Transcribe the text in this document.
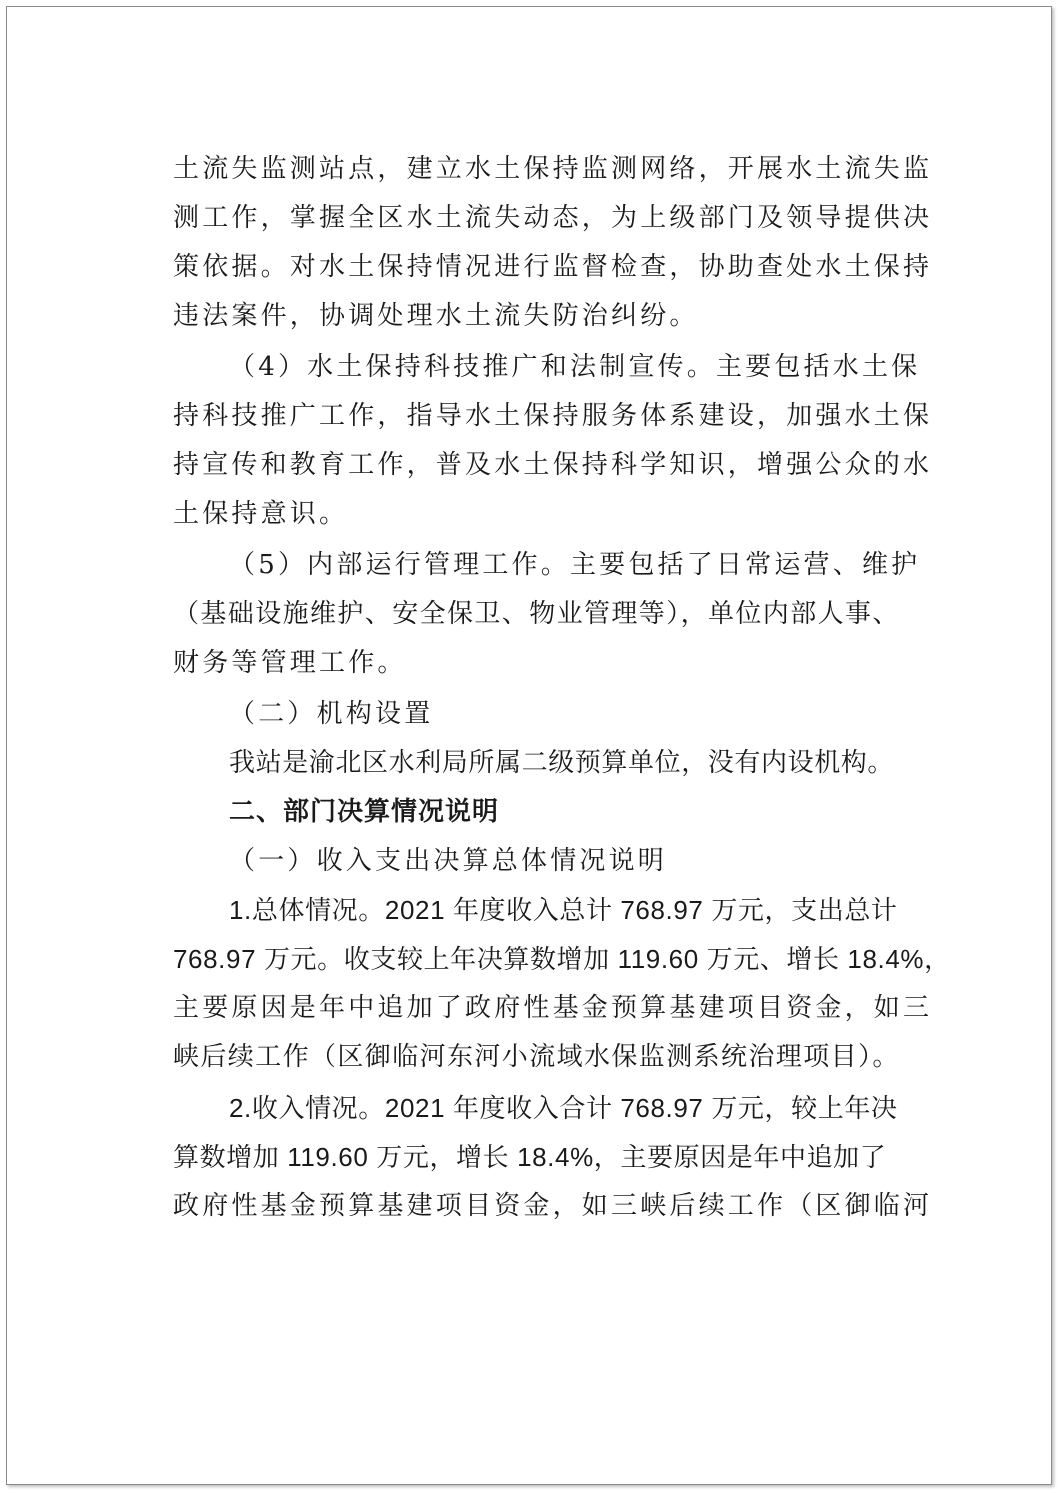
土流失监测站点，建立水土保持监测网络，开展水土流失监
测工作，掌握全区水土流失动态，为上级部门及领导提供决
策依据。对水土保持情况进行监督检查，协助查处水土保持
违法案件，协调处理水土流失防治纠纷。
（4）水土保持科技推广和法制宣传。主要包括水土保
持科技推广工作，指导水土保持服务体系建设，加强水土保
持宣传和教育工作，普及水土保持科学知识，增强公众的水
土保持意识。
（5）内部运行管理工作。主要包括了日常运营、维护
（基础设施维护、安全保卫、物业管理等），单位内部人事、
财务等管理工作。
（二）机构设置
我站是渝北区水利局所属二级预算单位，没有内设机构。
二、部门决算情况说明
（一）收入支出决算总体情况说明
1.总体情况。2021 年度收入总计 768.97 万元，支出总计
768.97 万元。收支较上年决算数增加 119.60 万元、增长 18.4%，
主要原因是年中追加了政府性基金预算基建项目资金，如三
峡后续工作（区御临河东河小流域水保监测系统治理项目）。
2.收入情况。2021 年度收入合计 768.97 万元，较上年决
算数增加 119.60 万元，增长 18.4%，主要原因是年中追加了
政府性基金预算基建项目资金，如三峡后续工作（区御临河
